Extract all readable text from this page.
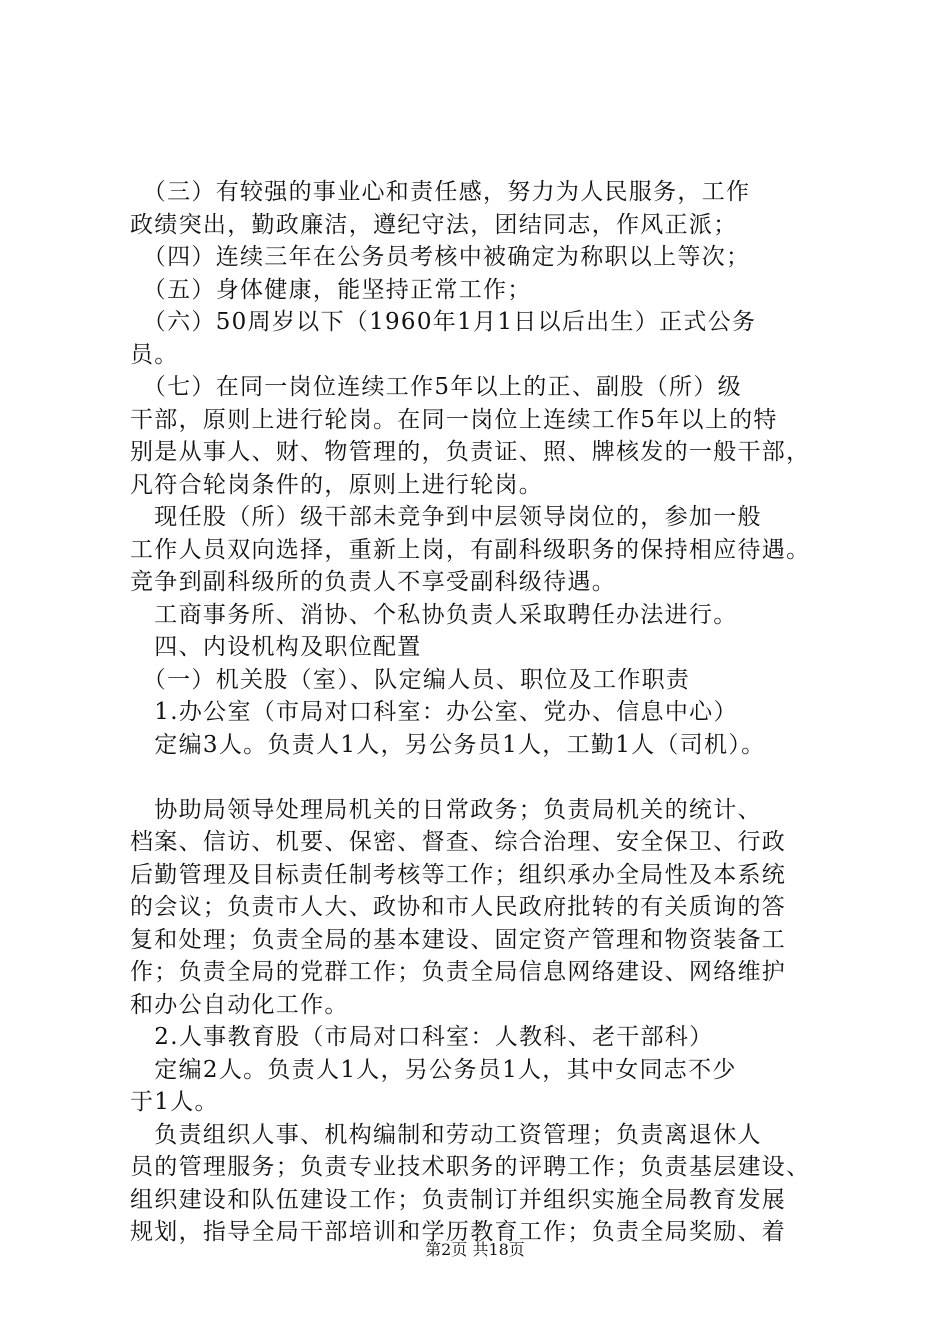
　（三）有较强的事业心和责任感，努力为人民服务，工作
政绩突出，勤政廉洁，遵纪守法，团结同志，作风正派；
　（四）连续三年在公务员考核中被确定为称职以上等次；
　（五）身体健康，能坚持正常工作；
　（六）50周岁以下（1960年1月1日以后出生）正式公务
员。
　（七）在同一岗位连续工作5年以上的正、副股（所）级
干部，原则上进行轮岗。在同一岗位上连续工作5年以上的特
别是从事人、财、物管理的，负责证、照、牌核发的一般干部，
凡符合轮岗条件的，原则上进行轮岗。
　现任股（所）级干部未竞争到中层领导岗位的，参加一般
工作人员双向选择，重新上岗，有副科级职务的保持相应待遇。
竞争到副科级所的负责人不享受副科级待遇。
　工商事务所、消协、个私协负责人采取聘任办法进行。
　四、内设机构及职位配置
　（一）机关股（室）、队定编人员、职位及工作职责
　1.办公室（市局对口科室：办公室、党办、信息中心）
　定编3人。负责人1人，另公务员1人，工勤1人（司机）。
　协助局领导处理局机关的日常政务；负责局机关的统计、
档案、信访、机要、保密、督查、综合治理、安全保卫、行政
后勤管理及目标责任制考核等工作；组织承办全局性及本系统
的会议；负责市人大、政协和市人民政府批转的有关质询的答
复和处理；负责全局的基本建设、固定资产管理和物资装备工
作；负责全局的党群工作；负责全局信息网络建设、网络维护
和办公自动化工作。
　2.人事教育股（市局对口科室：人教科、老干部科）
　定编2人。负责人1人，另公务员1人，其中女同志不少
于1人。
　负责组织人事、机构编制和劳动工资管理；负责离退休人
员的管理服务；负责专业技术职务的评聘工作；负责基层建设、
组织建设和队伍建设工作；负责制订并组织实施全局教育发展
规划，指导全局干部培训和学历教育工作；负责全局奖励、着
第2页 共18页
